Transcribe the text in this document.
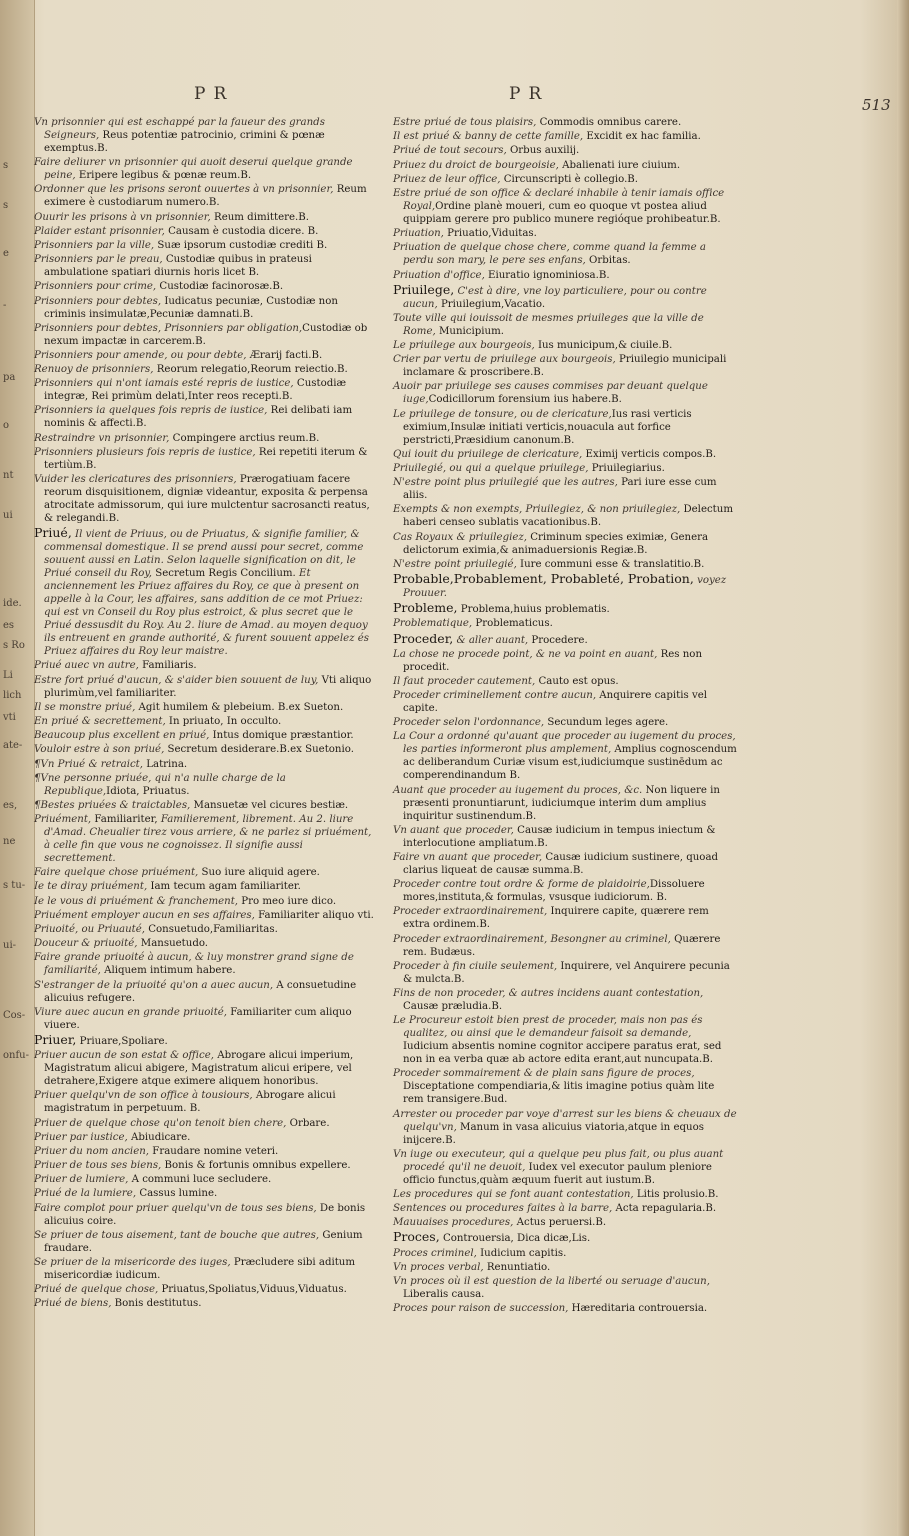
s
s
e
-
pa
o
nt
ui
ide.
es
s Ro
Li
lich
vti
ate-
es,
ne
s tu-
ui-
Cos-
onfu-
PR	PR
513
Vn prisonnier qui est eschappé par la faueur des grands Seigneurs, Reus potentiæ patrocinio, crimini & pœnæ exemptus.B.
Faire deliurer vn prisonnier qui auoit deserui quelque grande peine, Eripere legibus & pœnæ reum.B.
Ordonner que les prisons seront ouuertes à vn prisonnier, Reum eximere è custodiarum numero.B.
Ouurir les prisons à vn prisonnier, Reum dimittere.B.
Plaider estant prisonnier, Causam è custodia dicere. B.
Prisonniers par la ville, Suæ ipsorum custodiæ crediti B.
Prisonniers par le preau, Custodiæ quibus in prateusi ambulatione spatiari diurnis horis licet B.
Prisonniers pour crime, Custodiæ facinorosæ.B.
Prisonniers pour debtes, Iudicatus pecuniæ, Custodiæ non criminis insimulatæ,Pecuniæ damnati.B.
Prisonniers pour debtes, Prisonniers par obligation,Custodiæ ob nexum impactæ in carcerem.B.
Prisonniers pour amende, ou pour debte, Ærarij facti.B.
Renuoy de prisonniers, Reorum relegatio,Reorum reiectio.B.
Prisonniers qui n'ont iamais esté repris de iustice, Custodiæ integræ, Rei primùm delati,Inter reos recepti.B.
Prisonniers ia quelques fois repris de iustice, Rei delibati iam nominis & affecti.B.
Restraindre vn prisonnier, Compingere arctius reum.B.
Prisonniers plusieurs fois repris de iustice, Rei repetiti iterum & tertiùm.B.
Vuider les clericatures des prisonniers, Prærogatiuam facere reorum disquisitionem, digniæ videantur, exposita & perpensa atrocitate admissorum, qui iure mulctentur sacrosancti reatus, & relegandi.B.
Priué, Il vient de Priuus, ou de Priuatus, & signifie familier, & commensal domestique. Il se prend aussi pour secret, comme souuent aussi en Latin. Selon laquelle signification on dit, le Priué conseil du Roy, Secretum Regis Concilium. Et anciennement les Priuez affaires du Roy, ce que à present on appelle à la Cour, les affaires, sans addition de ce mot Priuez: qui est vn Conseil du Roy plus estroict, & plus secret que le Priué dessusdit du Roy. Au 2. liure de Amad. au moyen dequoy ils entreuent en grande authorité, & furent souuent appelez és Priuez affaires du Roy leur maistre.
Priué auec vn autre, Familiaris.
Estre fort priué d'aucun, & s'aider bien souuent de luy, Vti aliquo plurimùm,vel familiariter.
Il se monstre priué, Agit humilem & plebeium. B.ex Sueton.
En priué & secrettement, In priuato, In occulto.
Beaucoup plus excellent en priué, Intus domique præstantior.
Vouloir estre à son priué, Secretum desiderare.B.ex Suetonio.
¶Vn Priué & retraict, Latrina.
¶Vne personne priuée, qui n'a nulle charge de la Republique,Idiota, Priuatus.
¶Bestes priuées & traictables, Mansuetæ vel cicures bestiæ.
Priuément, Familiariter, Familierement, librement. Au 2. liure d'Amad. Cheualier tirez vous arriere, & ne parlez si priuément, à celle fin que vous ne cognoissez. Il signifie aussi secrettement.
Faire quelque chose priuément, Suo iure aliquid agere.
Ie te diray priuément, Iam tecum agam familiariter.
Ie le vous di priuément & franchement, Pro meo iure dico.
Priuément employer aucun en ses affaires, Familiariter aliquo vti.
Priuoité, ou Priuauté, Consuetudo,Familiaritas.
Douceur & priuoité, Mansuetudo.
Faire grande priuoité à aucun, & luy monstrer grand signe de familiarité, Aliquem intimum habere.
S'estranger de la priuoité qu'on a auec aucun, A consuetudine alicuius refugere.
Viure auec aucun en grande priuoité, Familiariter cum aliquo viuere.
Priuer, Priuare,Spoliare.
Priuer aucun de son estat & office, Abrogare alicui imperium, Magistratum alicui abigere, Magistratum alicui eripere, vel detrahere,Exigere atque eximere aliquem honoribus.
Priuer quelqu'vn de son office à tousiours, Abrogare alicui magistratum in perpetuum. B.
Priuer de quelque chose qu'on tenoit bien chere, Orbare.
Priuer par iustice, Abiudicare.
Priuer du nom ancien, Fraudare nomine veteri.
Priuer de tous ses biens, Bonis & fortunis omnibus expellere.
Priuer de lumiere, A communi luce secludere.
Priué de la lumiere, Cassus lumine.
Faire complot pour priuer quelqu'vn de tous ses biens, De bonis alicuius coire.
Se priuer de tous aisement, tant de bouche que autres, Genium fraudare.
Se priuer de la misericorde des iuges, Præcludere sibi aditum misericordiæ iudicum.
Priué de quelque chose, Priuatus,Spoliatus,Viduus,Viduatus.
Priué de biens, Bonis destitutus.
Estre priué de tous plaisirs, Commodis omnibus carere.
Il est priué & banny de cette famille, Excidit ex hac familia.
Priué de tout secours, Orbus auxilij.
Priuez du droict de bourgeoisie, Abalienati iure ciuium.
Priuez de leur office, Circunscripti è collegio.B.
Estre priué de son office & declaré inhabile à tenir iamais office Royal,Ordine planè moueri, cum eo quoque vt postea aliud quippiam gerere pro publico munere regióque prohibeatur.B.
Priuation, Priuatio,Viduitas.
Priuation de quelque chose chere, comme quand la femme a perdu son mary, le pere ses enfans, Orbitas.
Priuation d'office, Eiuratio ignominiosa.B.
Priuilege, C'est à dire, vne loy particuliere, pour ou contre aucun, Priuilegium,Vacatio.
Toute ville qui iouissoit de mesmes priuileges que la ville de Rome, Municipium.
Le priuilege aux bourgeois, Ius municipum,& ciuile.B.
Crier par vertu de priuilege aux bourgeois, Priuilegio municipali inclamare & proscribere.B.
Auoir par priuilege ses causes commises par deuant quelque iuge,Codicillorum forensium ius habere.B.
Le priuilege de tonsure, ou de clericature,Ius rasi verticis eximium,Insulæ initiati verticis,nouacula aut forfice perstricti,Præsidium canonum.B.
Qui iouit du priuilege de clericature, Eximij verticis compos.B.
Priuilegié, ou qui a quelque priuilege, Priuilegiarius.
N'estre point plus priuilegié que les autres, Pari iure esse cum aliis.
Exempts & non exempts, Priuilegiez, & non priuilegiez, Delectum haberi censeo sublatis vacationibus.B.
Cas Royaux & priuilegiez, Criminum species eximiæ, Genera delictorum eximia,& animaduersionis Regiæ.B.
N'estre point priuilegié, Iure communi esse & translatitio.B.
Probable,Probablement, Probableté, Probation, voyez Prouuer.
Probleme, Problema,huius problematis.
Problematique, Problematicus.
Proceder, & aller auant, Procedere.
La chose ne procede point, & ne va point en auant, Res non procedit.
Il faut proceder cautement, Cauto est opus.
Proceder criminellement contre aucun, Anquirere capitis vel capite.
Proceder selon l'ordonnance, Secundum leges agere.
La Cour a ordonné qu'auant que proceder au iugement du proces, les parties informeront plus amplement, Amplius cognoscendum ac deliberandum Curiæ visum est,iudiciumque sustinēdum ac comperendinandum B.
Auant que proceder au iugement du proces, &c. Non liquere in præsenti pronuntiarunt, iudiciumque interim dum amplius inquiritur sustinendum.B.
Vn auant que proceder, Causæ iudicium in tempus iniectum & interlocutione ampliatum.B.
Faire vn auant que proceder, Causæ iudicium sustinere, quoad clarius liqueat de causæ summa.B.
Proceder contre tout ordre & forme de plaidoirie,Dissoluere mores,instituta,& formulas, vsusque iudiciorum. B.
Proceder extraordinairement, Inquirere capite, quærere rem extra ordinem.B.
Proceder extraordinairement, Besongner au criminel, Quærere rem. Budæus.
Proceder à fin ciuile seulement, Inquirere, vel Anquirere pecunia & mulcta.B.
Fins de non proceder, & autres incidens auant contestation, Causæ præludia.B.
Le Procureur estoit bien prest de proceder, mais non pas és qualitez, ou ainsi que le demandeur faisoit sa demande, Iudicium absentis nomine cognitor accipere paratus erat, sed non in ea verba quæ ab actore edita erant,aut nuncupata.B.
Proceder sommairement & de plain sans figure de proces, Disceptatione compendiaria,& litis imagine potius quàm lite rem transigere.Bud.
Arrester ou proceder par voye d'arrest sur les biens & cheuaux de quelqu'vn, Manum in vasa alicuius viatoria,atque in equos inijcere.B.
Vn iuge ou executeur, qui a quelque peu plus fait, ou plus auant procedé qu'il ne deuoit, Iudex vel executor paulum pleniore officio functus,quàm æquum fuerit aut iustum.B.
Les procedures qui se font auant contestation, Litis prolusio.B.
Sentences ou procedures faites à la barre, Acta repagularia.B.
Mauuaises procedures, Actus peruersi.B.
Proces, Controuersia, Dica dicæ,Lis.
Proces criminel, Iudicium capitis.
Vn proces verbal, Renuntiatio.
Vn proces où il est question de la liberté ou seruage d'aucun, Liberalis causa.
Proces pour raison de succession, Hæreditaria controuersia.
